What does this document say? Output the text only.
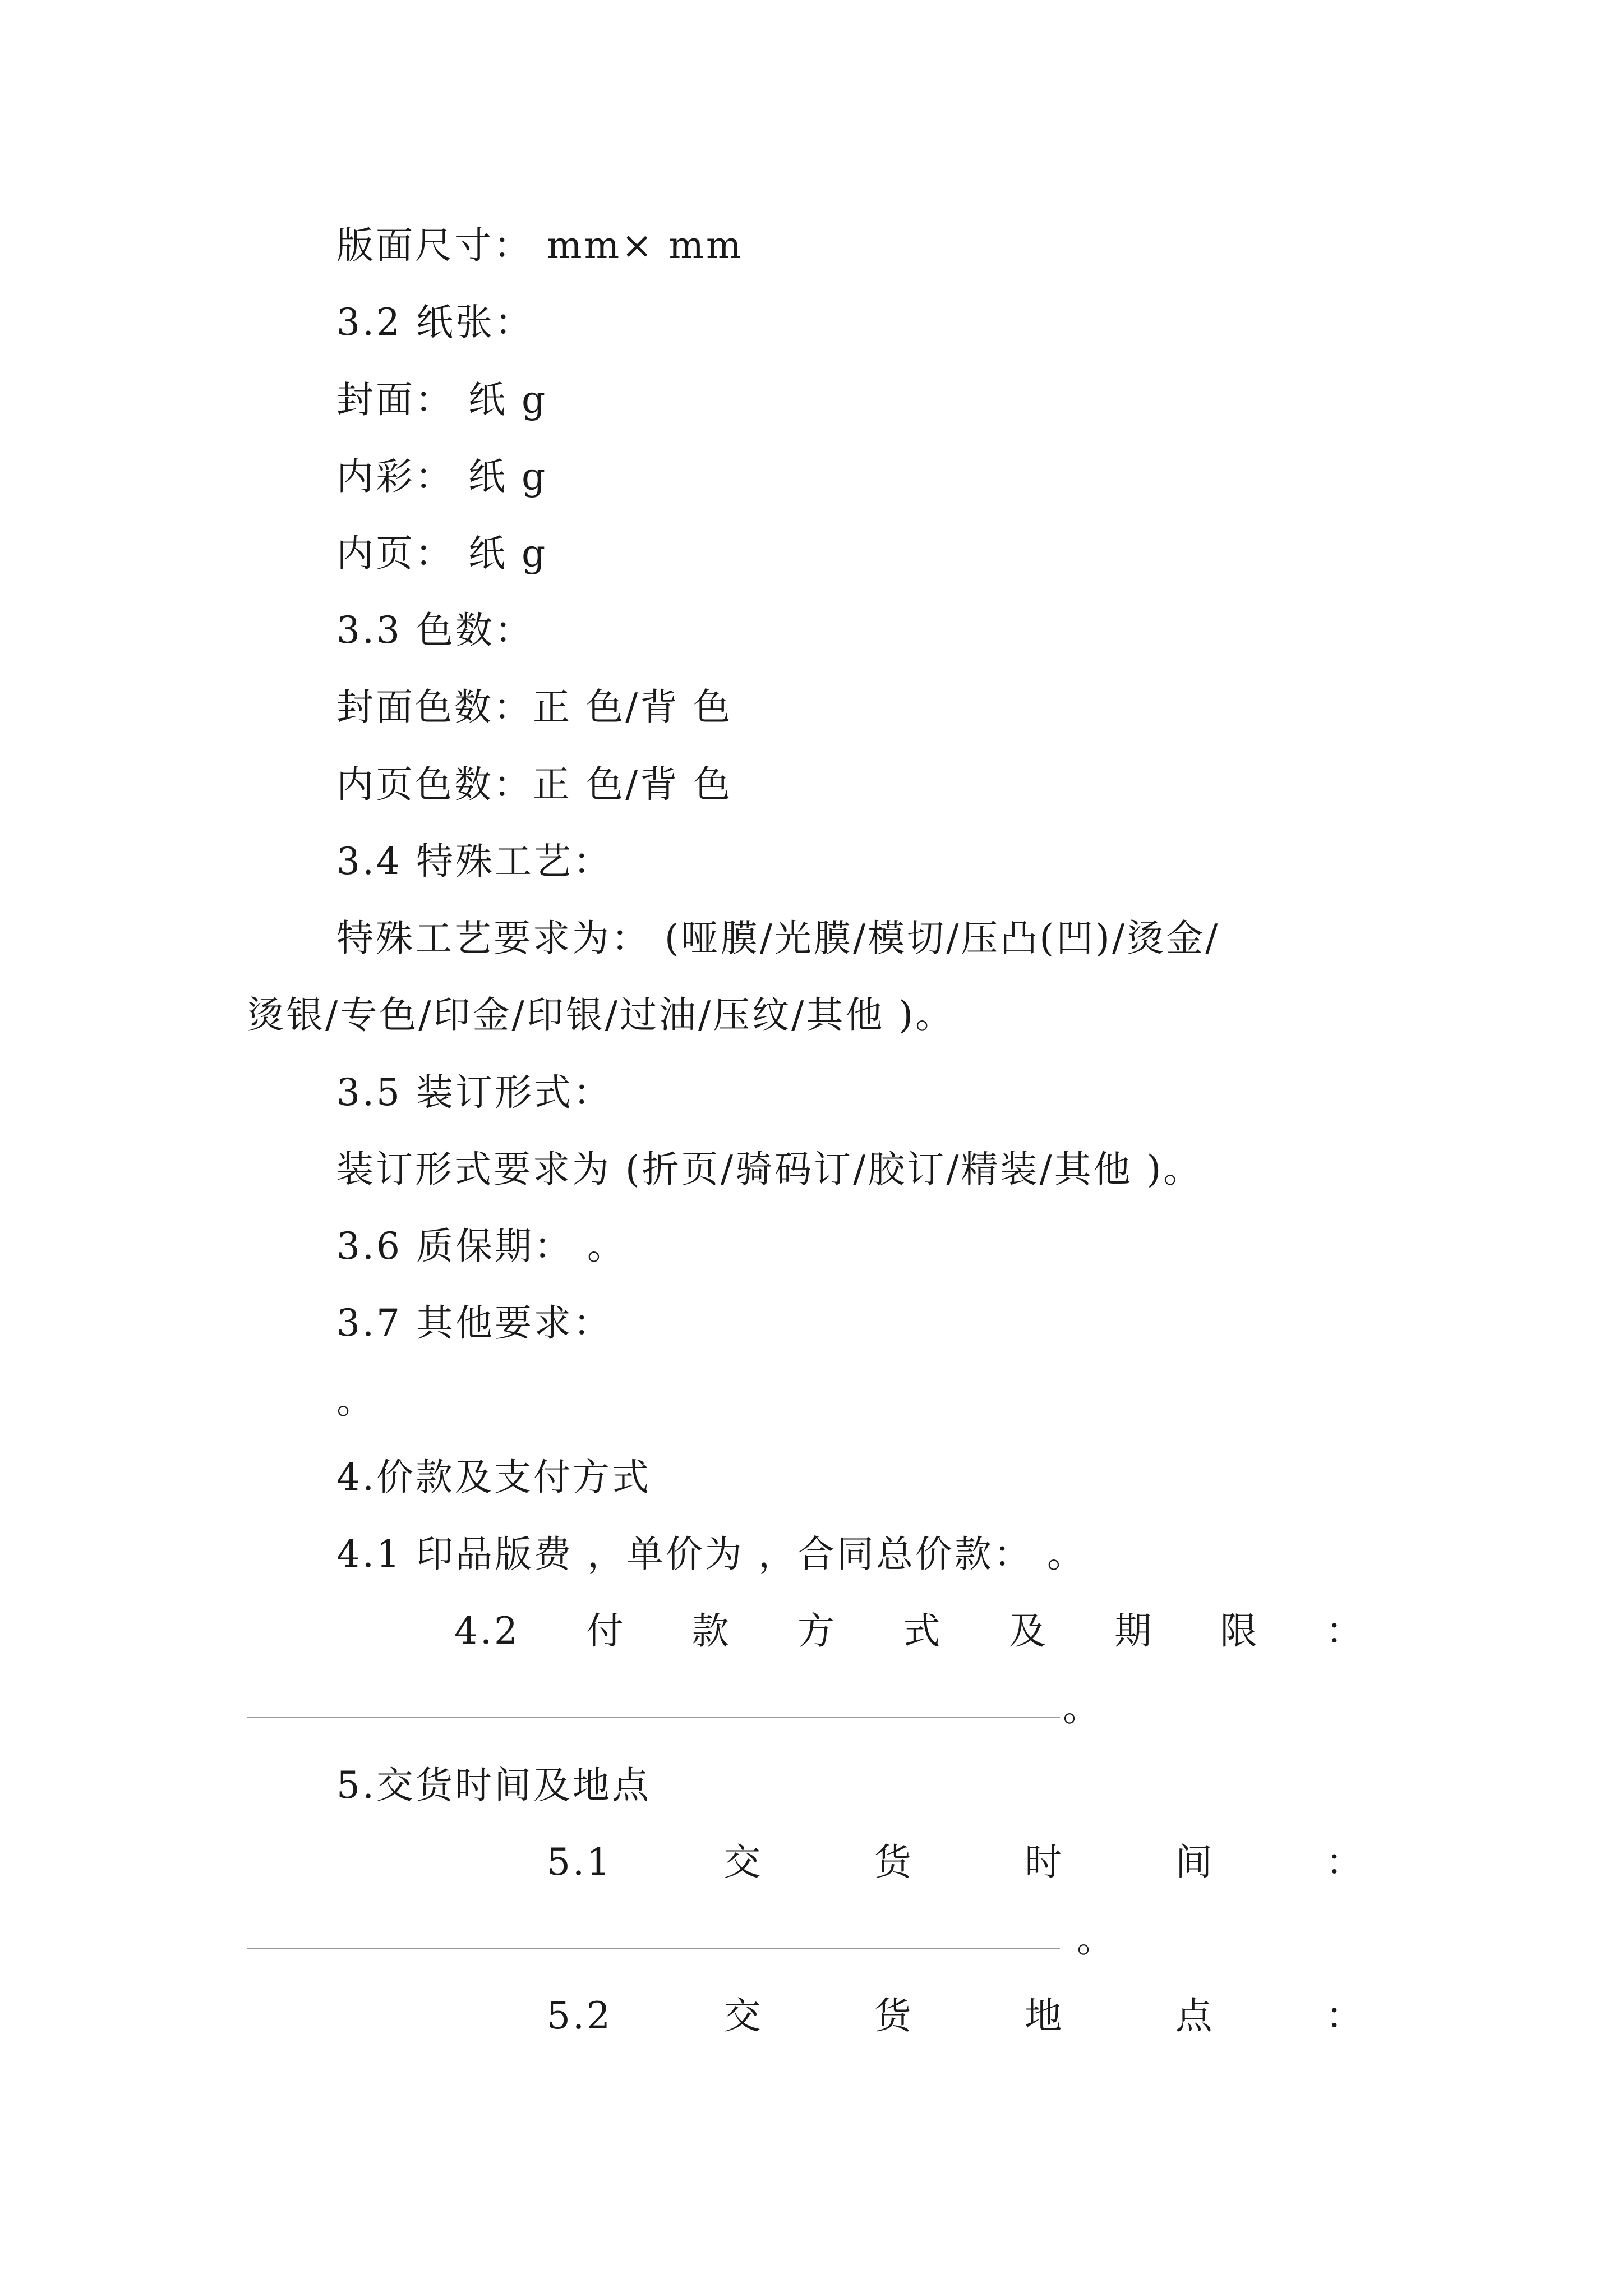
版面尺寸： mm× mm
3.2 纸张：
封面： 纸 g
内彩： 纸 g
内页： 纸 g
3.3 色数：
封面色数：正 色/背 色
内页色数：正 色/背 色
3.4 特殊工艺：
特殊工艺要求为： (哑膜/光膜/模切/压凸(凹)/烫金/
烫银/专色/印金/印银/过油/压纹/其他 )。
3.5 装订形式：
装订形式要求为 (折页/骑码订/胶订/精装/其他 )。
3.6 质保期： 。
3.7 其他要求：
。
4.价款及支付方式
4.1 印品版费 ，单价为 ，合同总价款： 。
4.2 付 款 方 式 及 期 限 ：
。
5.交货时间及地点
5.1	交	货	时	间	：
。
5.2	交	货	地	点	：
